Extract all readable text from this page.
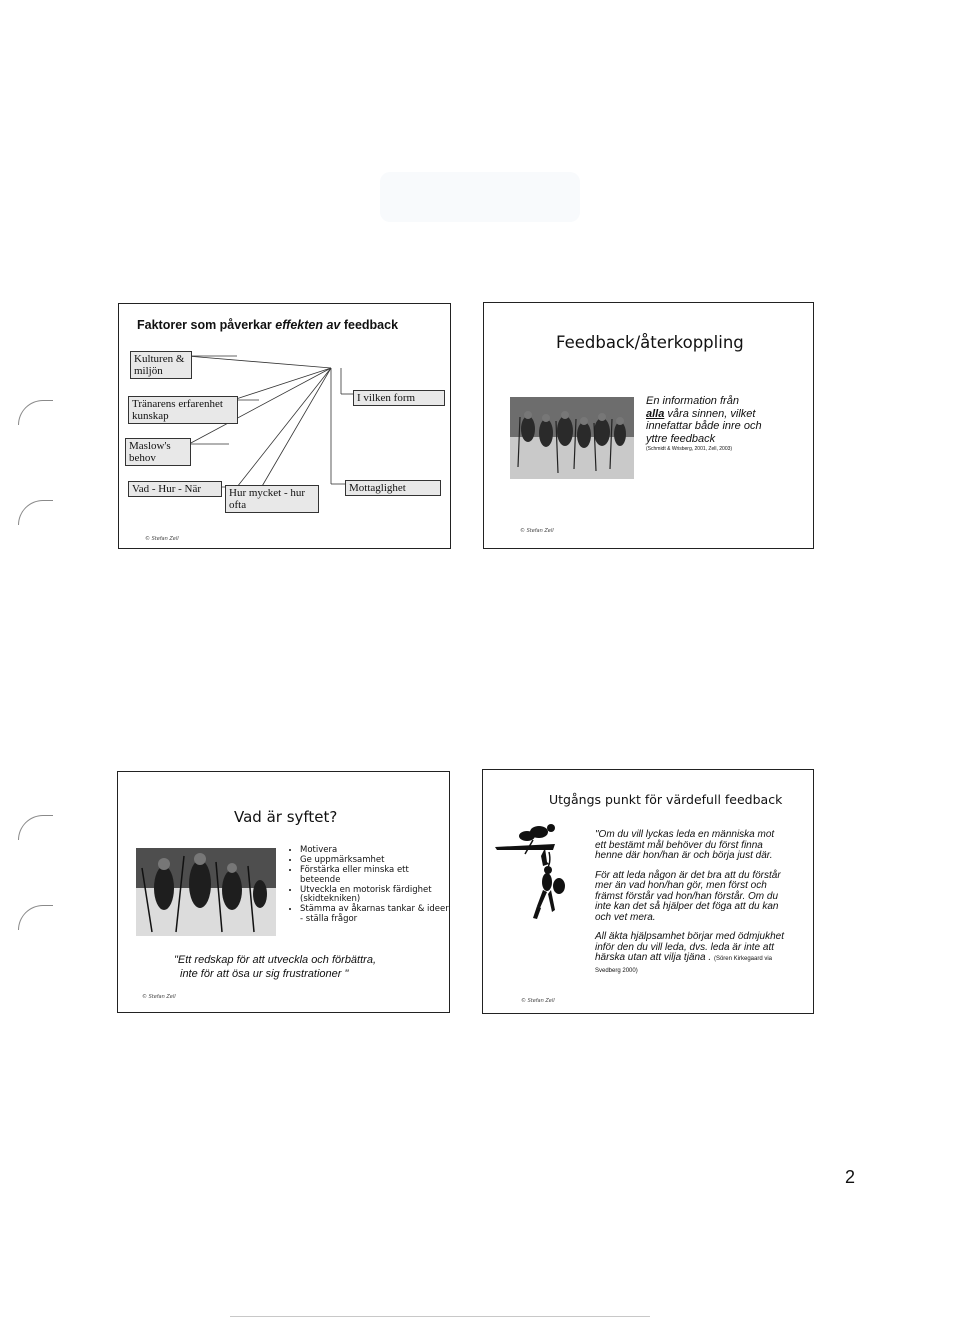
Faktorer som påverkar effekten av feedback
Kulturen & miljön
Tränarens erfarenhet kunskap
Maslow's behov
Vad - Hur - När	Hur mycket - hur ofta
I vilken form
Mottaglighet
© Stefan Zell
Feedback/återkoppling
En information från
alla våra sinnen, vilket
innefattar både inre och
yttre feedback
(Schmidt & Wrisberg, 2001, Zell, 2003)
© Stefan Zell
Vad är syftet?
• Motivera
• Ge uppmärksamhet
• Förstärka eller minska ett beteende
• Utveckla en motorisk färdighet (skidtekniken)
• Stämma av åkarnas tankar & ideer - ställa frågor
"Ett redskap för att utveckla och förbättra,
inte för att ösa ur sig frustrationer "
© Stefan Zell
Utgångs punkt för värdefull feedback
"Om du vill lyckas leda en människa mot ett bestämt mål behöver du först finna henne där hon/han är och börja just där.
För att leda någon är det bra att du förstår mer än vad hon/han gör, men först och främst förstår vad hon/han förstår. Om du inte kan det så hjälper det föga att du kan och vet mera.
All äkta hjälpsamhet börjar med ödmjukhet inför den du vill leda, dvs. leda är inte att härska utan att vilja tjäna . (Sören Kirkegaard via Svedberg 2000)
© Stefan Zell
2
